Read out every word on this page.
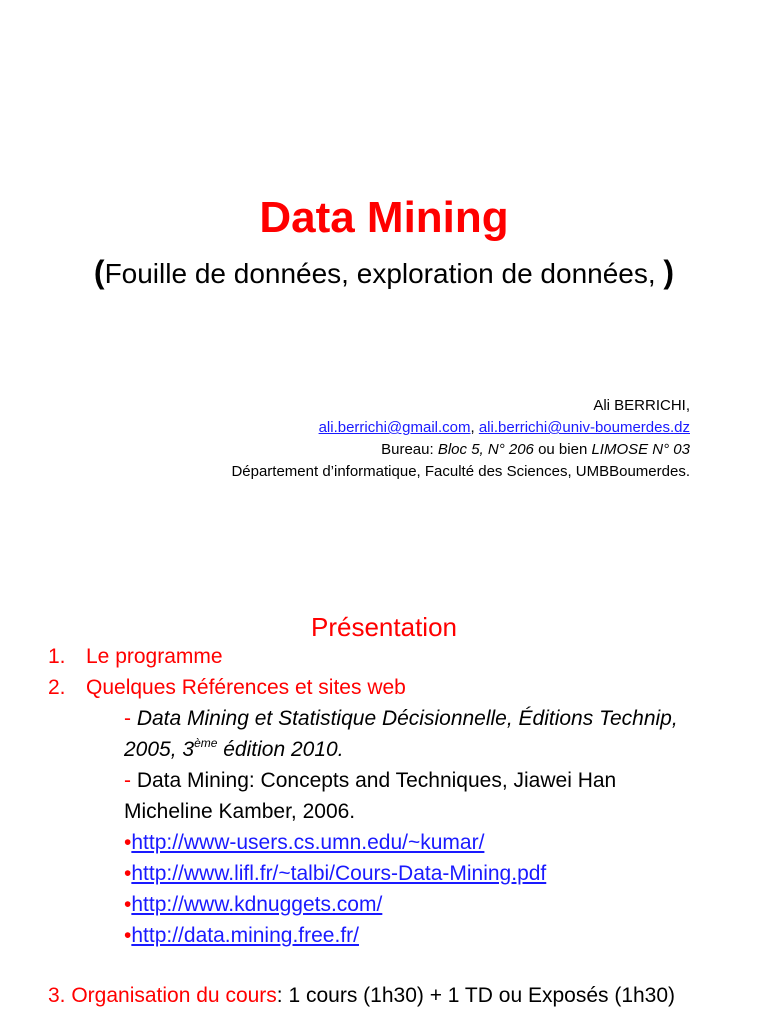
Data Mining
(Fouille de données, exploration de données, )
Ali BERRICHI,
ali.berrichi@gmail.com, ali.berrichi@univ-boumerdes.dz
Bureau: Bloc 5, N° 206 ou bien LIMOSE N° 03
Département d’informatique, Faculté des Sciences, UMBBoumerdes.
Présentation
1. Le programme
2. Quelques Références et sites web
- Data Mining et Statistique Décisionnelle, Éditions Technip,
2005, 3ème édition 2010.
- Data Mining: Concepts and Techniques, Jiawei Han
Micheline Kamber, 2006.
•http://www-users.cs.umn.edu/~kumar/
•http://www.lifl.fr/~talbi/Cours-Data-Mining.pdf
•http://www.kdnuggets.com/
•http://data.mining.free.fr/
3. Organisation du cours: 1 cours (1h30) + 1 TD ou Exposés (1h30)
